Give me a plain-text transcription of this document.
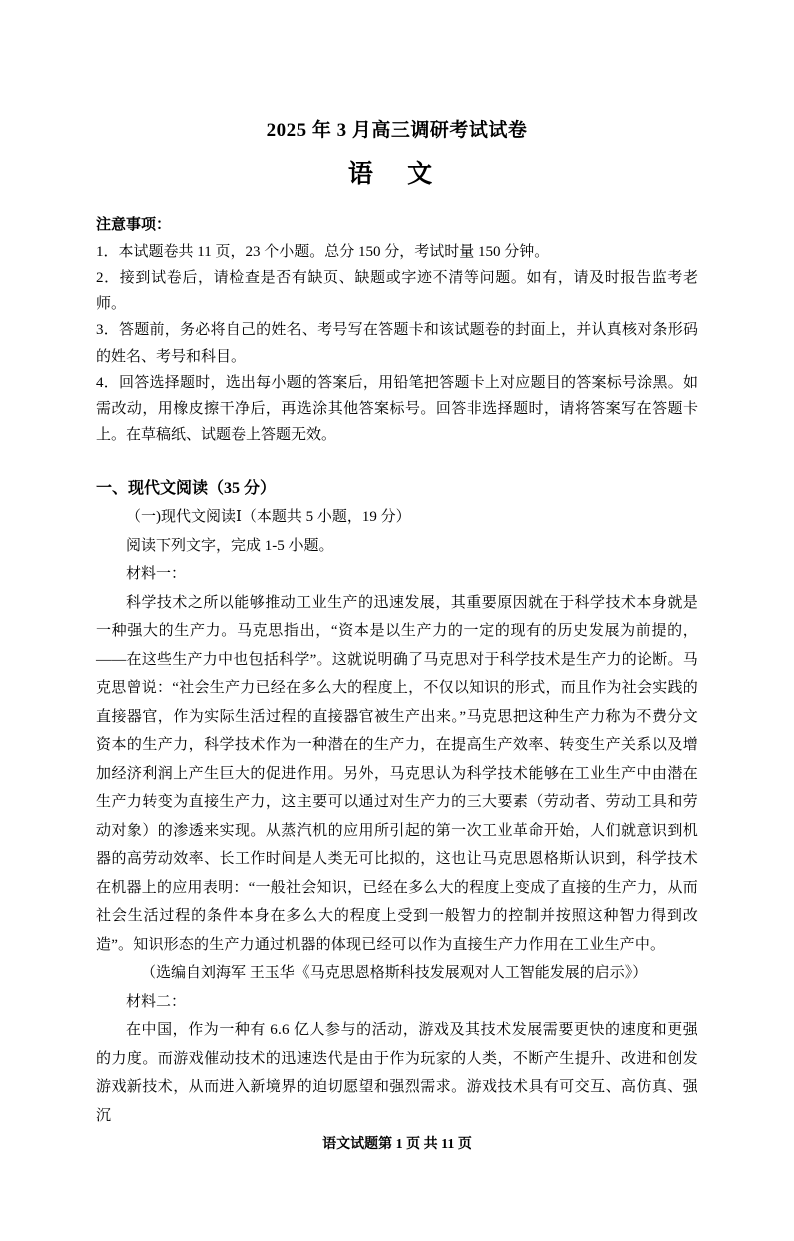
2025 年 3 月高三调研考试试卷
语 文
注意事项：
1．本试题卷共 11 页，23 个小题。总分 150 分，考试时量 150 分钟。
2．接到试卷后，请检查是否有缺页、缺题或字迹不清等问题。如有，请及时报告监考老师。
3．答题前，务必将自己的姓名、考号写在答题卡和该试题卷的封面上，并认真核对条形码的姓名、考号和科目。
4．回答选择题时，选出每小题的答案后，用铅笔把答题卡上对应题目的答案标号涂黑。如需改动，用橡皮擦干净后，再选涂其他答案标号。回答非选择题时，请将答案写在答题卡上。在草稿纸、试题卷上答题无效。
一、现代文阅读（35 分）
（一)现代文阅读Ⅰ（本题共 5 小题，19 分）
阅读下列文字，完成 1-5 小题。
材料一：
科学技术之所以能够推动工业生产的迅速发展，其重要原因就在于科学技术本身就是一种强大的生产力。马克思指出，“资本是以生产力的一定的现有的历史发展为前提的，——在这些生产力中也包括科学”。这就说明确了马克思对于科学技术是生产力的论断。马克思曾说：“社会生产力已经在多么大的程度上，不仅以知识的形式，而且作为社会实践的直接器官，作为实际生活过程的直接器官被生产出来。”马克思把这种生产力称为不费分文资本的生产力，科学技术作为一种潜在的生产力，在提高生产效率、转变生产关系以及增加经济利润上产生巨大的促进作用。另外，马克思认为科学技术能够在工业生产中由潜在生产力转变为直接生产力，这主要可以通过对生产力的三大要素（劳动者、劳动工具和劳动对象）的渗透来实现。从蒸汽机的应用所引起的第一次工业革命开始，人们就意识到机器的高劳动效率、长工作时间是人类无可比拟的，这也让马克思恩格斯认识到，科学技术在机器上的应用表明：“一般社会知识，已经在多么大的程度上变成了直接的生产力，从而社会生活过程的条件本身在多么大的程度上受到一般智力的控制并按照这种智力得到改造”。知识形态的生产力通过机器的体现已经可以作为直接生产力作用在工业生产中。
（选编自刘海军 王玉华《马克思恩格斯科技发展观对人工智能发展的启示》）
材料二：
在中国，作为一种有 6.6 亿人参与的活动，游戏及其技术发展需要更快的速度和更强的力度。而游戏催动技术的迅速迭代是由于作为玩家的人类，不断产生提升、改进和创发游戏新技术，从而进入新境界的迫切愿望和强烈需求。游戏技术具有可交互、高仿真、强沉
语文试题第 1 页 共 11 页
